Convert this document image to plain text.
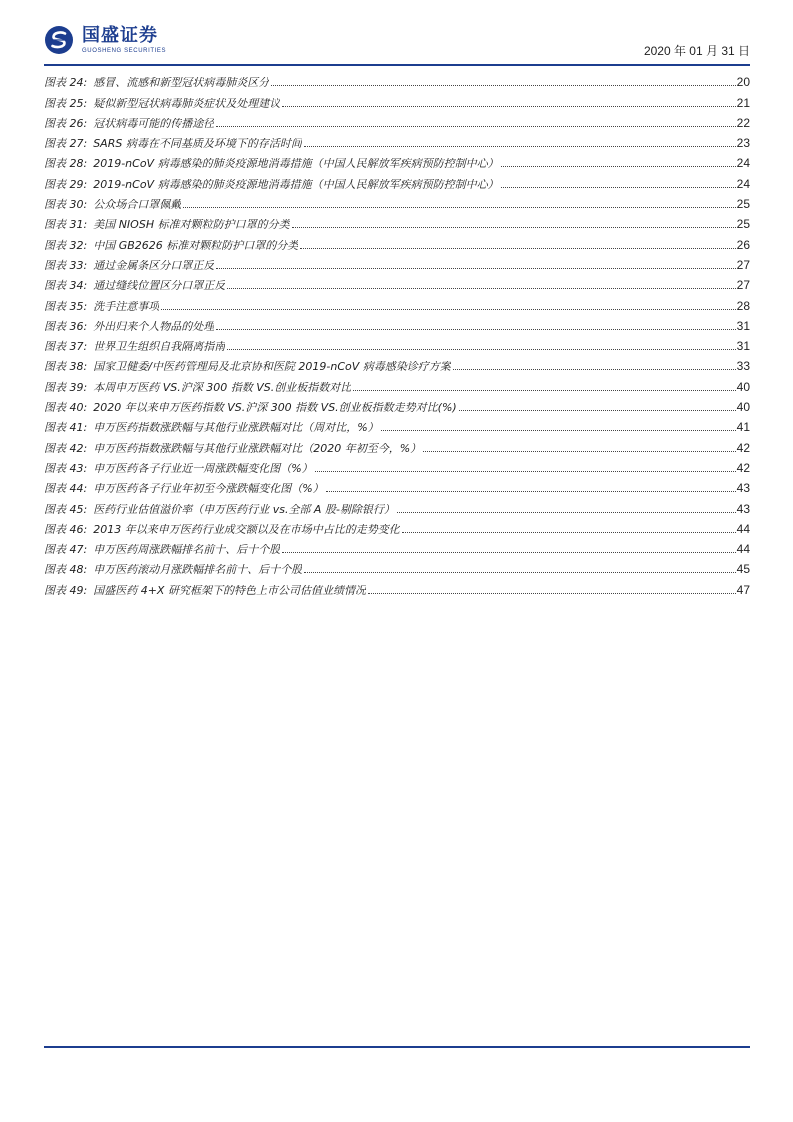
国盛证券
GUOSHENG SECURITIES	2020 年 01 月 31 日
图表 24: 感冒、流感和新型冠状病毒肺炎区分	20
图表 25: 疑似新型冠状病毒肺炎症状及处理建议	21
图表 26: 冠状病毒可能的传播途径	22
图表 27: SARS 病毒在不同基质及环境下的存活时间	23
图表 28: 2019-nCoV 病毒感染的肺炎疫源地消毒措施（中国人民解放军疾病预防控制中心）	24
图表 29: 2019-nCoV 病毒感染的肺炎疫源地消毒措施（中国人民解放军疾病预防控制中心）	24
图表 30: 公众场合口罩佩戴	25
图表 31: 美国 NIOSH 标准对颗粒防护口罩的分类	25
图表 32: 中国 GB2626 标准对颗粒防护口罩的分类	26
图表 33: 通过金属条区分口罩正反	27
图表 34: 通过缝线位置区分口罩正反	27
图表 35: 洗手注意事项	28
图表 36: 外出归来个人物品的处理	31
图表 37: 世界卫生组织自我隔离指南	31
图表 38: 国家卫健委/中医药管理局及北京协和医院 2019-nCoV 病毒感染诊疗方案	33
图表 39: 本周申万医药 VS.沪深 300 指数 VS.创业板指数对比	40
图表 40: 2020 年以来申万医药指数 VS.沪深 300 指数 VS.创业板指数走势对比(%)	40
图表 41: 申万医药指数涨跌幅与其他行业涨跌幅对比（周对比，%）	41
图表 42: 申万医药指数涨跌幅与其他行业涨跌幅对比（2020 年初至今，%）	42
图表 43: 申万医药各子行业近一周涨跌幅变化图（%）	42
图表 44: 申万医药各子行业年初至今涨跌幅变化图（%）	43
图表 45: 医药行业估值溢价率（申万医药行业 vs.全部 A 股-剔除银行）	43
图表 46: 2013 年以来申万医药行业成交额以及在市场中占比的走势变化	44
图表 47: 申万医药周涨跌幅排名前十、后十个股	44
图表 48: 申万医药滚动月涨跌幅排名前十、后十个股	45
图表 49: 国盛医药 4+X 研究框架下的特色上市公司估值业绩情况	47
